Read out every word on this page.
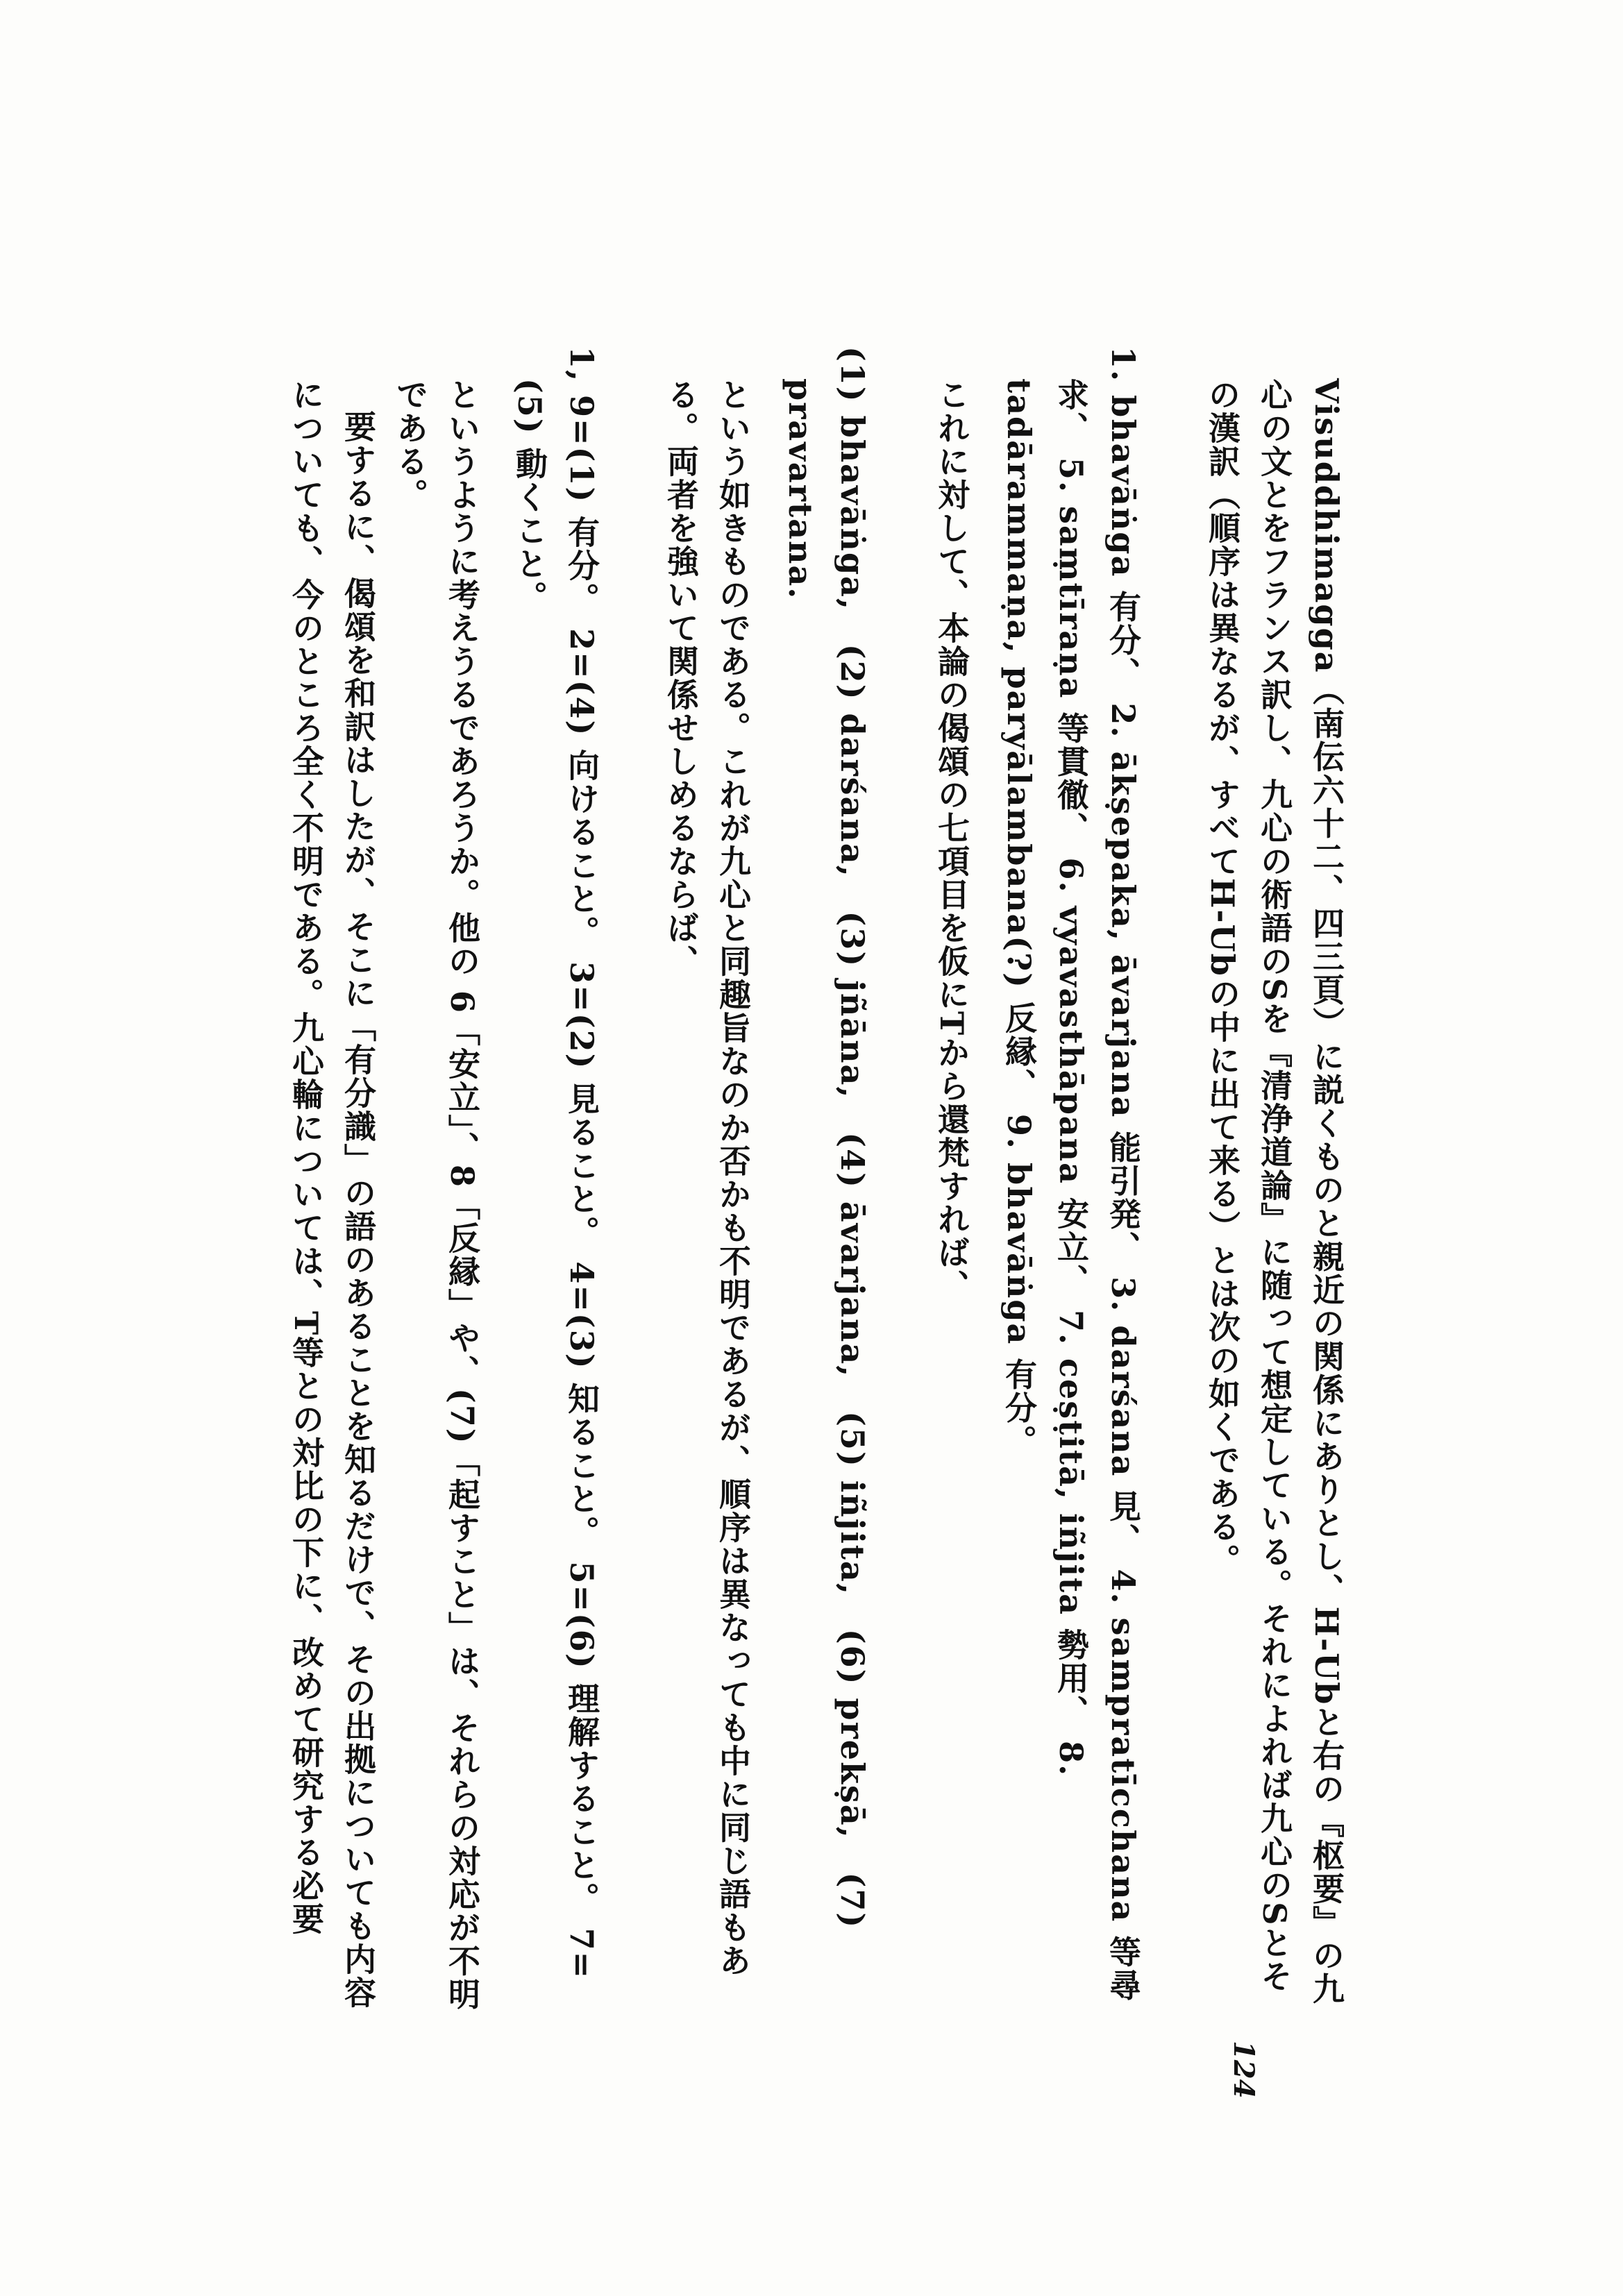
Visuddhimagga（南伝六十二、四三頁）に説くものと親近の関係にありとし、H-Ubと右の『枢要』の九心の文とをフランス訳し、九心の術語のSを『清浄道論』に随って想定している。それによれば九心のSとその漢訳（順序は異なるが、すべてH-Ubの中に出て来る）とは次の如くである。

1. bhavāṅga 有分、 2. ākṣepaka, āvarjana 能引発、 3. darśana 見、 4. sampratīcchana 等尋求、 5. saṃtīraṇa 等貫徹、 6. vyavasthāpana 安立、 7. ceṣṭitā, iñjita 勢用、 8. tadārammaṇa, paryālambana(?) 反縁、 9. bhavāṅga 有分。

これに対して、本論の偈頌の七項目を仮にTから還梵すれば、

(1) bhavāṅga,　(2) darśana,　(3) jñāna,　(4) āvarjana,　(5) iñjita,　(6) prekṣā,　(7) pravartana.

という如きものである。これが九心と同趣旨なのか否かも不明であるが、順序は異なっても中に同じ語もある。両者を強いて関係せしめるならば、

1, 9=(1) 有分。 2=(4) 向けること。 3=(2) 見ること。 4=(3) 知ること。 5=(6) 理解すること。 7=(5) 動くこと。

というように考えうるであろうか。他の 6「安立」、8「反縁」や、(7)「起すこと」は、それらの対応が不明である。

要するに、偈頌を和訳はしたが、そこに「有分識」の語のあることを知るだけで、その出拠についても内容についても、今のところ全く不明である。九心輪については、T等との対比の下に、改めて研究する必要

124
